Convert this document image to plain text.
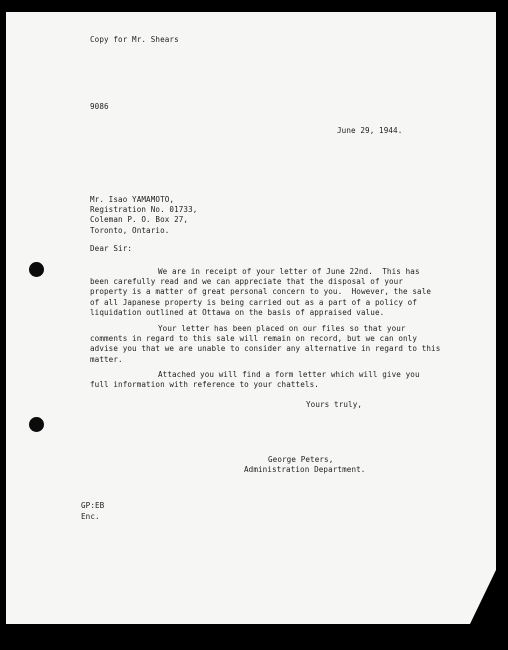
Copy for Mr. Shears
9086
June 29, 1944.
Mr. Isao YAMAMOTO,
Registration No. 01733,
Coleman P. O. Box 27,
Toronto, Ontario.
Dear Sir:
We are in receipt of your letter of June 22nd.  This has
been carefully read and we can appreciate that the disposal of your
property is a matter of great personal concern to you.  However, the sale
of all Japanese property is being carried out as a part of a policy of
liquidation outlined at Ottawa on the basis of appraised value.
Your letter has been placed on our files so that your
comments in regard to this sale will remain on record, but we can only
advise you that we are unable to consider any alternative in regard to this
matter.
Attached you will find a form letter which will give you
full information with reference to your chattels.
Yours truly,
George Peters,
Administration Department.
GP:EB
Enc.
